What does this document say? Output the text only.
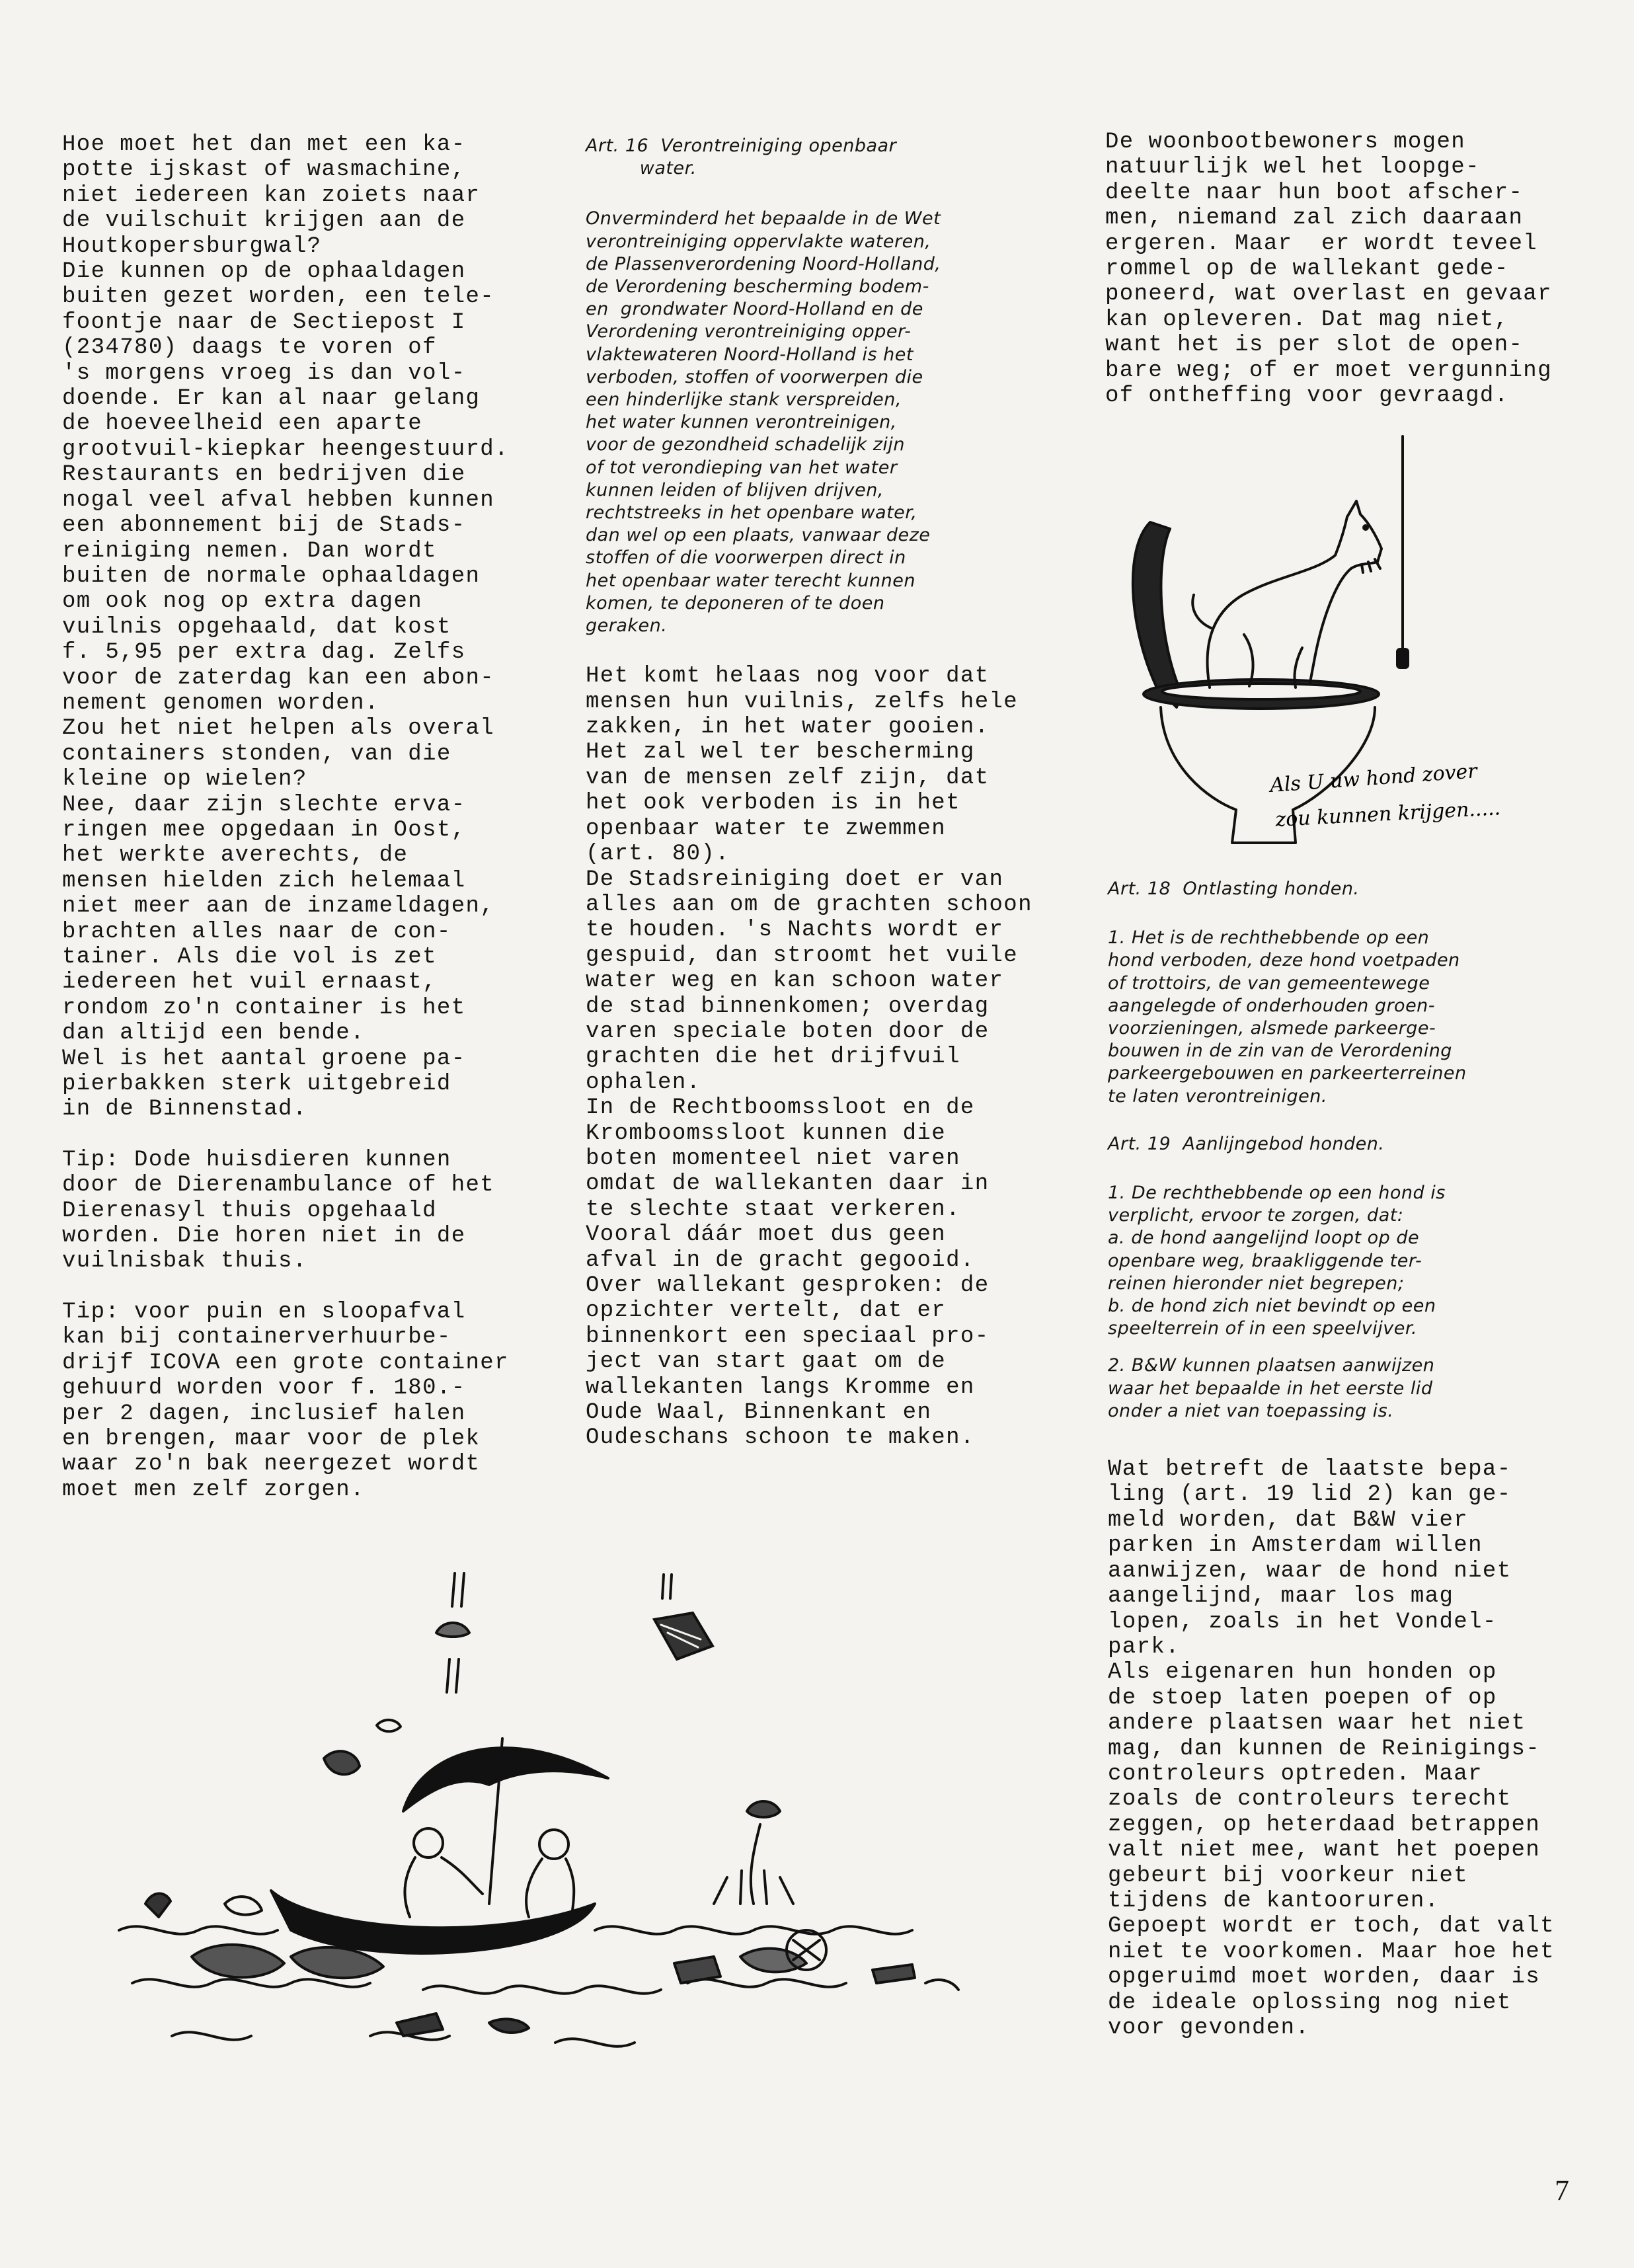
Hoe moet het dan met een ka-
potte ijskast of wasmachine,
niet iedereen kan zoiets naar
de vuilschuit krijgen aan de
Houtkopersburgwal?
Die kunnen op de ophaaldagen
buiten gezet worden, een tele-
foontje naar de Sectiepost I
(234780) daags te voren of
's morgens vroeg is dan vol-
doende. Er kan al naar gelang
de hoeveelheid een aparte
grootvuil-kiepkar heengestuurd.
Restaurants en bedrijven die
nogal veel afval hebben kunnen
een abonnement bij de Stads-
reiniging nemen. Dan wordt
buiten de normale ophaaldagen
om ook nog op extra dagen
vuilnis opgehaald, dat kost
f. 5,95 per extra dag. Zelfs
voor de zaterdag kan een abon-
nement genomen worden.
Zou het niet helpen als overal
containers stonden, van die
kleine op wielen?
Nee, daar zijn slechte erva-
ringen mee opgedaan in Oost,
het werkte averechts, de
mensen hielden zich helemaal
niet meer aan de inzameldagen,
brachten alles naar de con-
tainer. Als die vol is zet
iedereen het vuil ernaast,
rondom zo'n container is het
dan altijd een bende.
Wel is het aantal groene pa-
pierbakken sterk uitgebreid
in de Binnenstad.

Tip: Dode huisdieren kunnen
door de Dierenambulance of het
Dierenasyl thuis opgehaald
worden. Die horen niet in de
vuilnisbak thuis.

Tip: voor puin en sloopafval
kan bij containerverhuurbe-
drijf ICOVA een grote container
gehuurd worden voor f. 180.-
per 2 dagen, inclusief halen
en brengen, maar voor de plek
waar zo'n bak neergezet wordt
moet men zelf zorgen.

Art. 16  Verontreiniging openbaar
water.

Onverminderd het bepaalde in de Wet
verontreiniging oppervlakte wateren,
de Plassenverordening Noord-Holland,
de Verordening bescherming bodem-
en  grondwater Noord-Holland en de
Verordening verontreiniging opper-
vlaktewateren Noord-Holland is het
verboden, stoffen of voorwerpen die
een hinderlijke stank verspreiden,
het water kunnen verontreinigen,
voor de gezondheid schadelijk zijn
of tot verondieping van het water
kunnen leiden of blijven drijven,
rechtstreeks in het openbare water,
dan wel op een plaats, vanwaar deze
stoffen of die voorwerpen direct in
het openbaar water terecht kunnen
komen, te deponeren of te doen
geraken.

Het komt helaas nog voor dat
mensen hun vuilnis, zelfs hele
zakken, in het water gooien.
Het zal wel ter bescherming
van de mensen zelf zijn, dat
het ook verboden is in het
openbaar water te zwemmen
(art. 80).
De Stadsreiniging doet er van
alles aan om de grachten schoon
te houden. 's Nachts wordt er
gespuid, dan stroomt het vuile
water weg en kan schoon water
de stad binnenkomen; overdag
varen speciale boten door de
grachten die het drijfvuil
ophalen.
In de Rechtboomssloot en de
Kromboomssloot kunnen die
boten momenteel niet varen
omdat de wallekanten daar in
te slechte staat verkeren.
Vooral dáár moet dus geen
afval in de gracht gegooid.
Over wallekant gesproken: de
opzichter vertelt, dat er
binnenkort een speciaal pro-
ject van start gaat om de
wallekanten langs Kromme en
Oude Waal, Binnenkant en
Oudeschans schoon te maken.

De woonbootbewoners mogen
natuurlijk wel het loopge-
deelte naar hun boot afscher-
men, niemand zal zich daaraan
ergeren. Maar  er wordt teveel
rommel op de wallekant gede-
poneerd, wat overlast en gevaar
kan opleveren. Dat mag niet,
want het is per slot de open-
bare weg; of er moet vergunning
of ontheffing voor gevraagd.

Art. 18  Ontlasting honden.

1. Het is de rechthebbende op een
hond verboden, deze hond voetpaden
of trottoirs, de van gemeentewege
aangelegde of onderhouden groen-
voorzieningen, alsmede parkeerge-
bouwen in de zin van de Verordening
parkeergebouwen en parkeerterreinen
te laten verontreinigen.

Art. 19  Aanlijngebod honden.

1. De rechthebbende op een hond is
verplicht, ervoor te zorgen, dat:
a. de hond aangelijnd loopt op de
openbare weg, braakliggende ter-
reinen hieronder niet begrepen;
b. de hond zich niet bevindt op een
speelterrein of in een speelvijver.

2. B&W kunnen plaatsen aanwijzen
waar het bepaalde in het eerste lid
onder a niet van toepassing is.

Wat betreft de laatste bepa-
ling (art. 19 lid 2) kan ge-
meld worden, dat B&W vier
parken in Amsterdam willen
aanwijzen, waar de hond niet
aangelijnd, maar los mag
lopen, zoals in het Vondel-
park.
Als eigenaren hun honden op
de stoep laten poepen of op
andere plaatsen waar het niet
mag, dan kunnen de Reinigings-
controleurs optreden. Maar
zoals de controleurs terecht
zeggen, op heterdaad betrappen
valt niet mee, want het poepen
gebeurt bij voorkeur niet
tijdens de kantooruren.
Gepoept wordt er toch, dat valt
niet te voorkomen. Maar hoe het
opgeruimd moet worden, daar is
de ideale oplossing nog niet
voor gevonden.

Als U uw hond zover
zou kunnen krijgen.....
7
